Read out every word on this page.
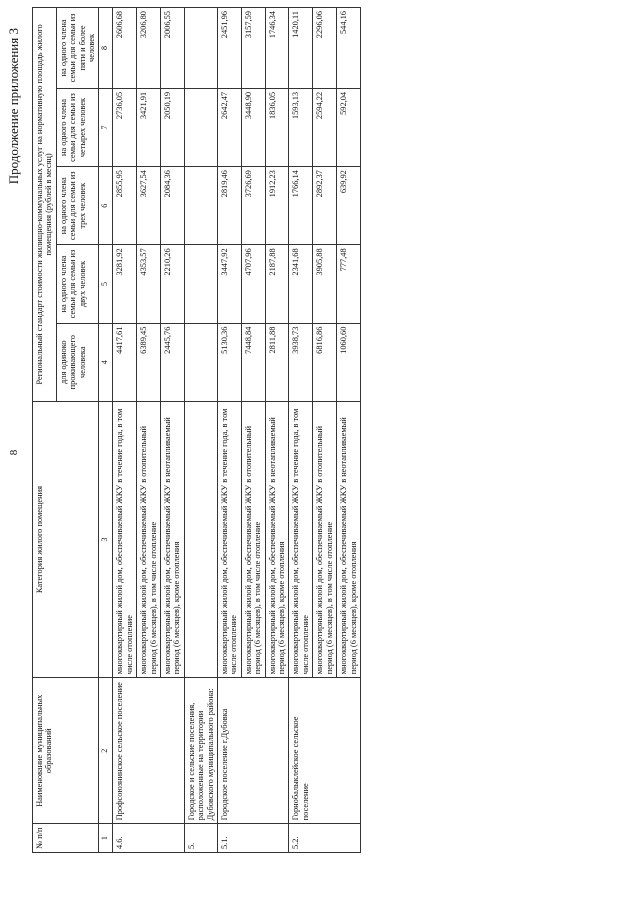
8
Продолжение приложения 3
№ п/п	Наименование муниципальных образований	Категория жилого помещения	Региональный стандарт стоимости жилищно-коммунальных услуг на нормативную площадь жилого помещения (рублей в месяц)				
			для одиноко проживающего человека	на одного члена семьи для семьи из двух человек	на одного члена семьи для семьи из трех человек	на одного члена семьи для семьи из четырех человек	на одного члена семьи для семьи из пяти и более человек
1	2	3	4	5	6	7	8
4.6.	Профсоюзнинское сельское поселение	многоквартирный жилой дом, обеспечиваемый ЖКУ в течение года, в том числе отопление	4417,61	3281,92	2855,95	2736,05	2606,68
		многоквартирный жилой дом, обеспечиваемый ЖКУ в отопительный период (6 месяцев), в том числе отопление	6389,45	4353,57	3627,54	3421,91	3206,80
		многоквартирный жилой дом, обеспечиваемый ЖКУ в неотапливаемый период (6 месяцев), кроме отопления	2445,76	2210,26	2084,36	2050,19	2006,55
5.	Городское и сельские поселения, расположенные на территории Дубовского муниципального района:						
5.1.	Городское поселение г.Дубовка	многоквартирный жилой дом, обеспечиваемый ЖКУ в течение года, в том числе отопление	5130,36	3447,92	2819,46	2642,47	2451,96
		многоквартирный жилой дом, обеспечиваемый ЖКУ в отопительный период (6 месяцев), в том числе отопление	7448,84	4707,96	3726,69	3448,90	3157,59
		многоквартирный жилой дом, обеспечиваемый ЖКУ в неотапливаемый период (6 месяцев), кроме отопления	2811,88	2187,88	1912,23	1836,05	1746,34
5.2.	Горнобалыклейское сельское поселение	многоквартирный жилой дом, обеспечиваемый ЖКУ в течение года, в том числе отопление	3938,73	2341,68	1766,14	1593,13	1420,11
		многоквартирный жилой дом, обеспечиваемый ЖКУ в отопительный период (6 месяцев), в том числе отопление	6816,86	3905,88	2892,37	2594,22	2296,06
		многоквартирный жилой дом, обеспечиваемый ЖКУ в неотапливаемый период (6 месяцев), кроме отопления	1060,60	777,48	639,92	592,04	544,16
